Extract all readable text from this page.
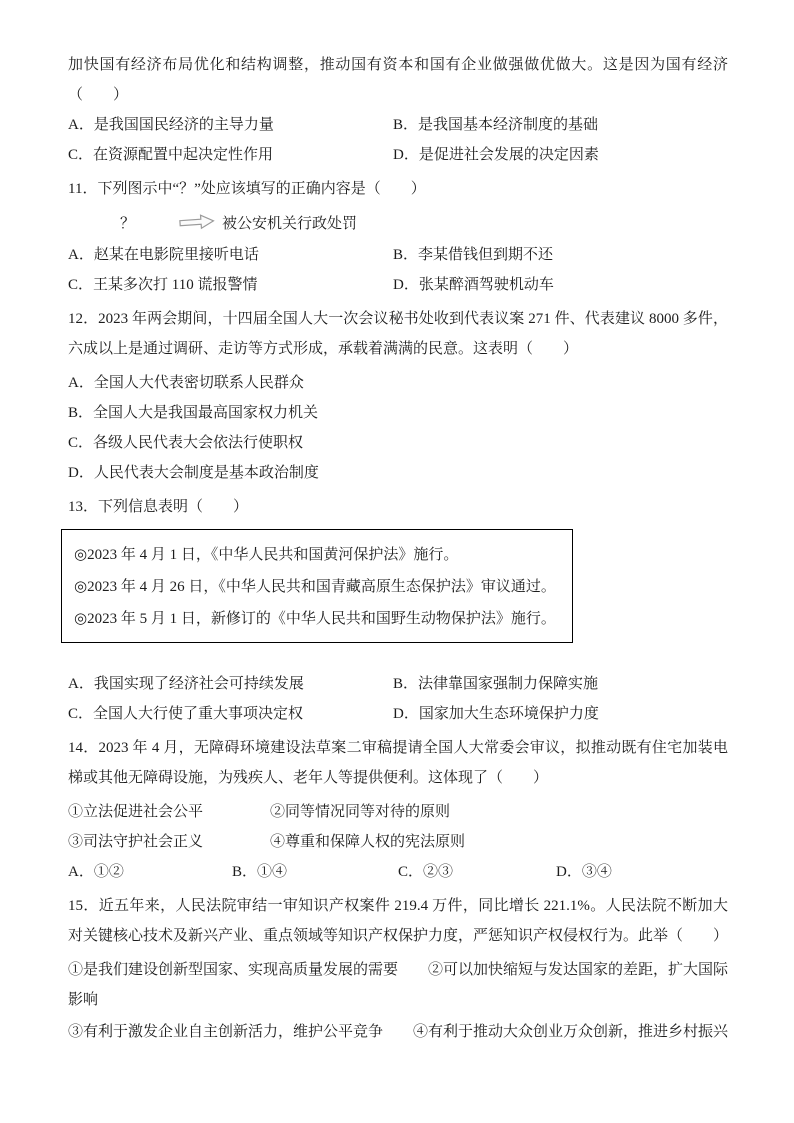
加快国有经济布局优化和结构调整，推动国有资本和国有企业做强做优做大。这是因为国有经济（　　）

A．是我国国民经济的主导力量	B．是我国基本经济制度的基础

C．在资源配置中起决定性作用	D．是促进社会发展的决定因素

11．下列图示中“？”处应该填写的正确内容是（　　）

？	被公安机关行政处罚

A．赵某在电影院里接听电话	B．李某借钱但到期不还

C．王某多次打 110 谎报警情	D．张某醉酒驾驶机动车

12．2023 年两会期间，十四届全国人大一次会议秘书处收到代表议案 271 件、代表建议 8000 多件，六成以上是通过调研、走访等方式形成，承载着满满的民意。这表明（　　）

A．全国人大代表密切联系人民群众

B．全国人大是我国最高国家权力机关

C．各级人民代表大会依法行使职权

D．人民代表大会制度是基本政治制度

13．下列信息表明（　　）

◎2023 年 4 月 1 日，《中华人民共和国黄河保护法》施行。

◎2023 年 4 月 26 日，《中华人民共和国青藏高原生态保护法》审议通过。

◎2023 年 5 月 1 日，新修订的《中华人民共和国野生动物保护法》施行。

A．我国实现了经济社会可持续发展	B．法律靠国家强制力保障实施

C．全国人大行使了重大事项决定权	D．国家加大生态环境保护力度

14．2023 年 4 月，无障碍环境建设法草案二审稿提请全国人大常委会审议，拟推动既有住宅加装电梯或其他无障碍设施，为残疾人、老年人等提供便利。这体现了（　　）

①立法促进社会公平	②同等情况同等对待的原则

③司法守护社会正义	④尊重和保障人权的宪法原则

A．①②	B．①④	C．②③	D．③④

15．近五年来，人民法院审结一审知识产权案件 219.4 万件，同比增长 221.1%。人民法院不断加大对关键核心技术及新兴产业、重点领域等知识产权保护力度，严惩知识产权侵权行为。此举（　　）

①是我们建设创新型国家、实现高质量发展的需要　　②可以加快缩短与发达国家的差距，扩大国际影响

③有利于激发企业自主创新活力，维护公平竞争　　④有利于推动大众创业万众创新，推进乡村振兴
